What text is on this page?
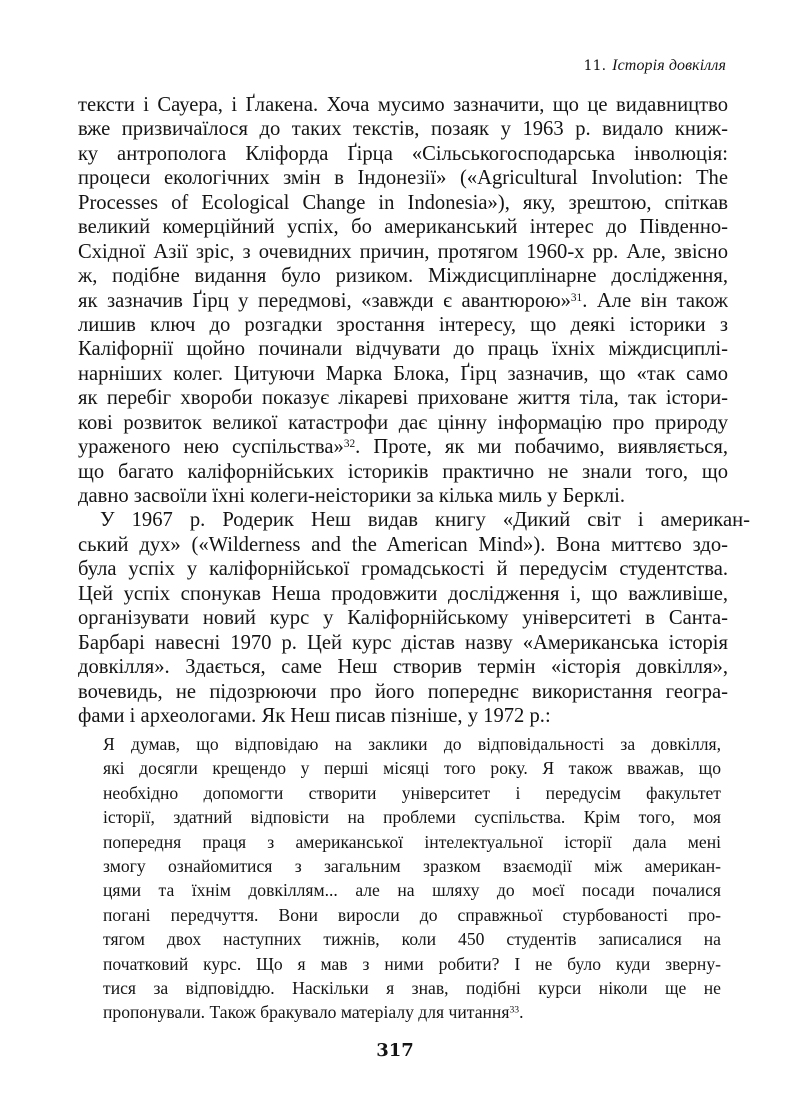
11. Історія довкілля
тексти і Сауера, і Ґлакена. Хоча мусимо зазначити, що це видавництво
вже призвичаїлося до таких текстів, позаяк у 1963 р. видало книж-
ку антрополога Кліфорда Ґірца «Сільськогосподарська інволюція:
процеси екологічних змін в Індонезії» («Agricultural Involution: The
Processes of Ecological Change in Indonesia»), яку, зрештою, спіткав
великий комерційний успіх, бо американський інтерес до Південно-
Східної Азії зріс, з очевидних причин, протягом 1960-х рр. Але, звісно
ж, подібне видання було ризиком. Міждисциплінарне дослідження,
як зазначив Ґірц у передмові, «завжди є авантюрою»$^{31}$. Але він також
лишив ключ до розгадки зростання інтересу, що деякі історики з
Каліфорнії щойно починали відчувати до праць їхніх міждисциплі-
нарніших колег. Цитуючи Марка Блока, Ґірц зазначив, що «так само
як перебіг хвороби показує лікареві приховане життя тіла, так істори-
кові розвиток великої катастрофи дає цінну інформацію про природу
ураженого нею суспільства»$^{32}$. Проте, як ми побачимо, виявляється,
що багато каліфорнійських істориків практично не знали того, що
давно засвоїли їхні колеги-неісторики за кілька миль у Берклі.
У 1967 р. Родерик Неш видав книгу «Дикий світ і американ-
ський дух» («Wilderness and the American Mind»). Вона миттєво здо-
була успіх у каліфорнійської громадськості й передусім студентства.
Цей успіх спонукав Неша продовжити дослідження і, що важливіше,
організувати новий курс у Каліфорнійському університеті в Санта-
Барбарі навесні 1970 р. Цей курс дістав назву «Американська історія
довкілля». Здається, саме Неш створив термін «історія довкілля»,
вочевидь, не підозрюючи про його попереднє використання геогра-
фами і археологами. Як Неш писав пізніше, у 1972 р.:
Я думав, що відповідаю на заклики до відповідальності за довкілля,
які досягли крещендо у перші місяці того року. Я також вважав, що
необхідно допомогти створити університет і передусім факультет
історії, здатний відповісти на проблеми суспільства. Крім того, моя
попередня праця з американської інтелектуальної історії дала мені
змогу ознайомитися з загальним зразком взаємодії між американ-
цями та їхнім довкіллям... але на шляху до моєї посади почалися
погані передчуття. Вони виросли до справжньої стурбованості про-
тягом двох наступних тижнів, коли 450 студентів записалися на
початковий курс. Що я мав з ними робити? І не було куди зверну-
тися за відповіддю. Наскільки я знав, подібні курси ніколи ще не
пропонували. Також бракувало матеріалу для читання$^{33}$.
317
